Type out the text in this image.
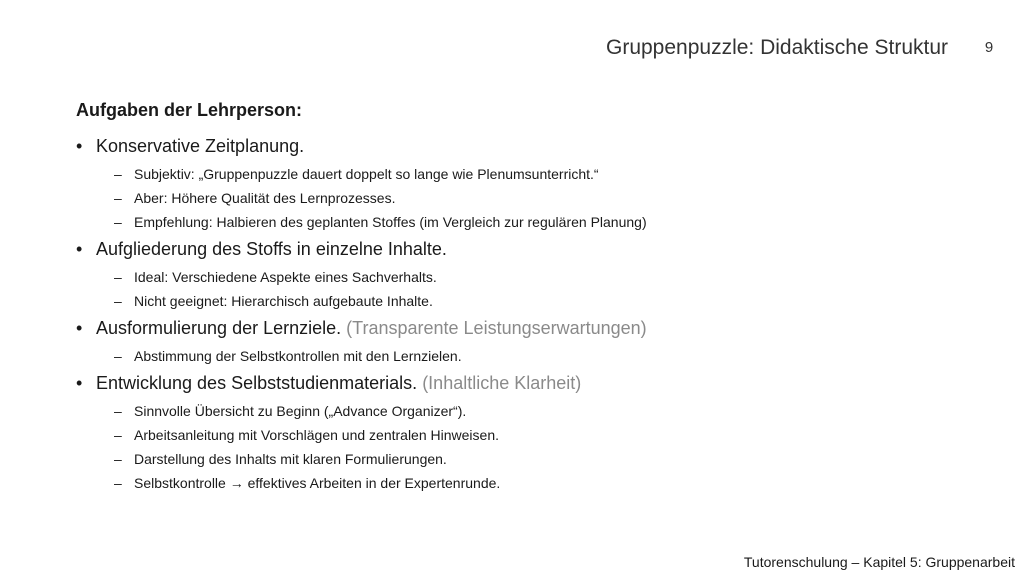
Gruppenpuzzle: Didaktische Struktur	9
Aufgaben der Lehrperson:
• Konservative Zeitplanung.
– Subjektiv: „Gruppenpuzzle dauert doppelt so lange wie Plenumsunterricht.“
– Aber: Höhere Qualität des Lernprozesses.
– Empfehlung: Halbieren des geplanten Stoffes (im Vergleich zur regulären Planung)
• Aufgliederung des Stoffs in einzelne Inhalte.
– Ideal: Verschiedene Aspekte eines Sachverhalts.
– Nicht geeignet: Hierarchisch aufgebaute Inhalte.
• Ausformulierung der Lernziele. (Transparente Leistungserwartungen)
– Abstimmung der Selbstkontrollen mit den Lernzielen.
• Entwicklung des Selbststudienmaterials. (Inhaltliche Klarheit)
– Sinnvolle Übersicht zu Beginn („Advance Organizer“).
– Arbeitsanleitung mit Vorschlägen und zentralen Hinweisen.
– Darstellung des Inhalts mit klaren Formulierungen.
– Selbstkontrolle → effektives Arbeiten in der Expertenrunde.
Tutorenschulung – Kapitel 5: Gruppenarbeit
